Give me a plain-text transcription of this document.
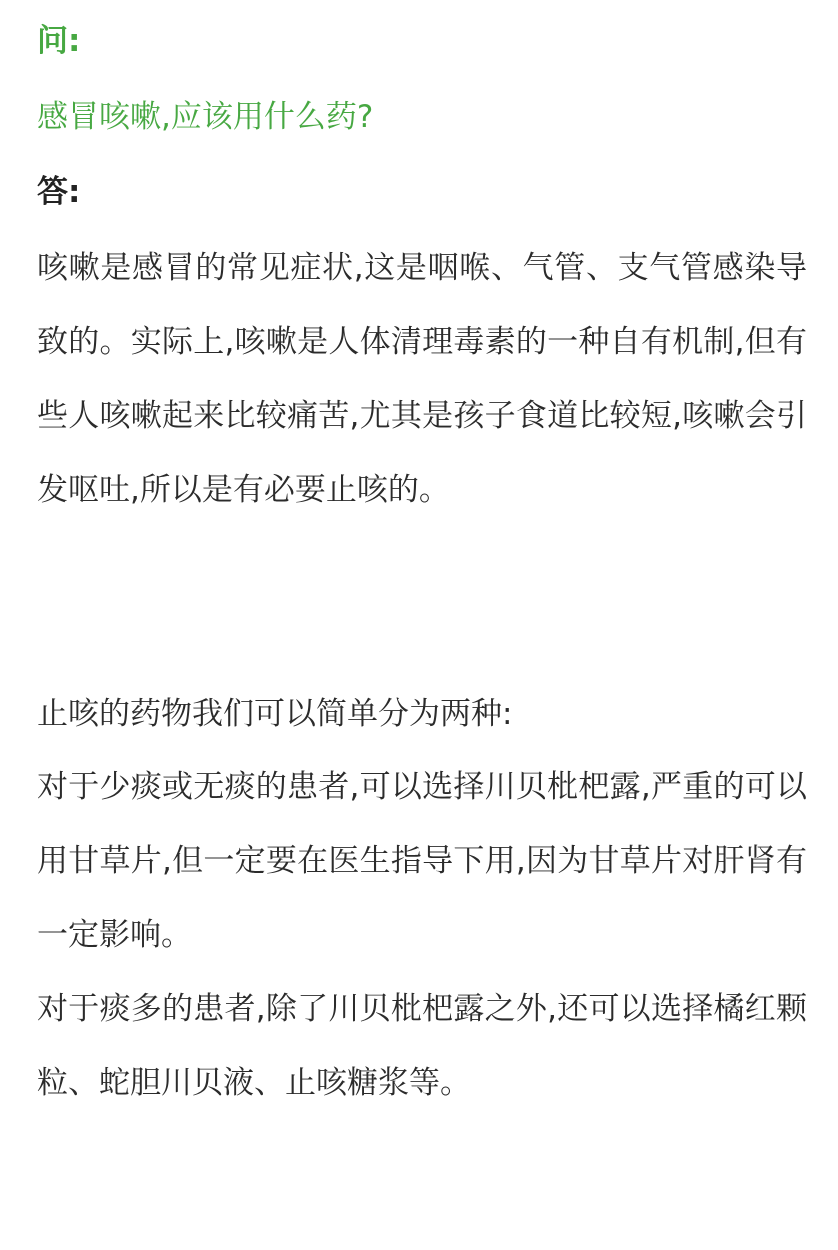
问:
感冒咳嗽,应该用什么药?
答:

咳嗽是感冒的常见症状,这是咽喉、气管、支气管感染导致的。实际上,咳嗽是人体清理毒素的一种自有机制,但有些人咳嗽起来比较痛苦,尤其是孩子食道比较短,咳嗽会引发呕吐,所以是有必要止咳的。

止咳的药物我们可以简单分为两种:

对于少痰或无痰的患者,可以选择川贝枇杷露,严重的可以用甘草片,但一定要在医生指导下用,因为甘草片对肝肾有一定影响。

对于痰多的患者,除了川贝枇杷露之外,还可以选择橘红颗粒、蛇胆川贝液、止咳糖浆等。
